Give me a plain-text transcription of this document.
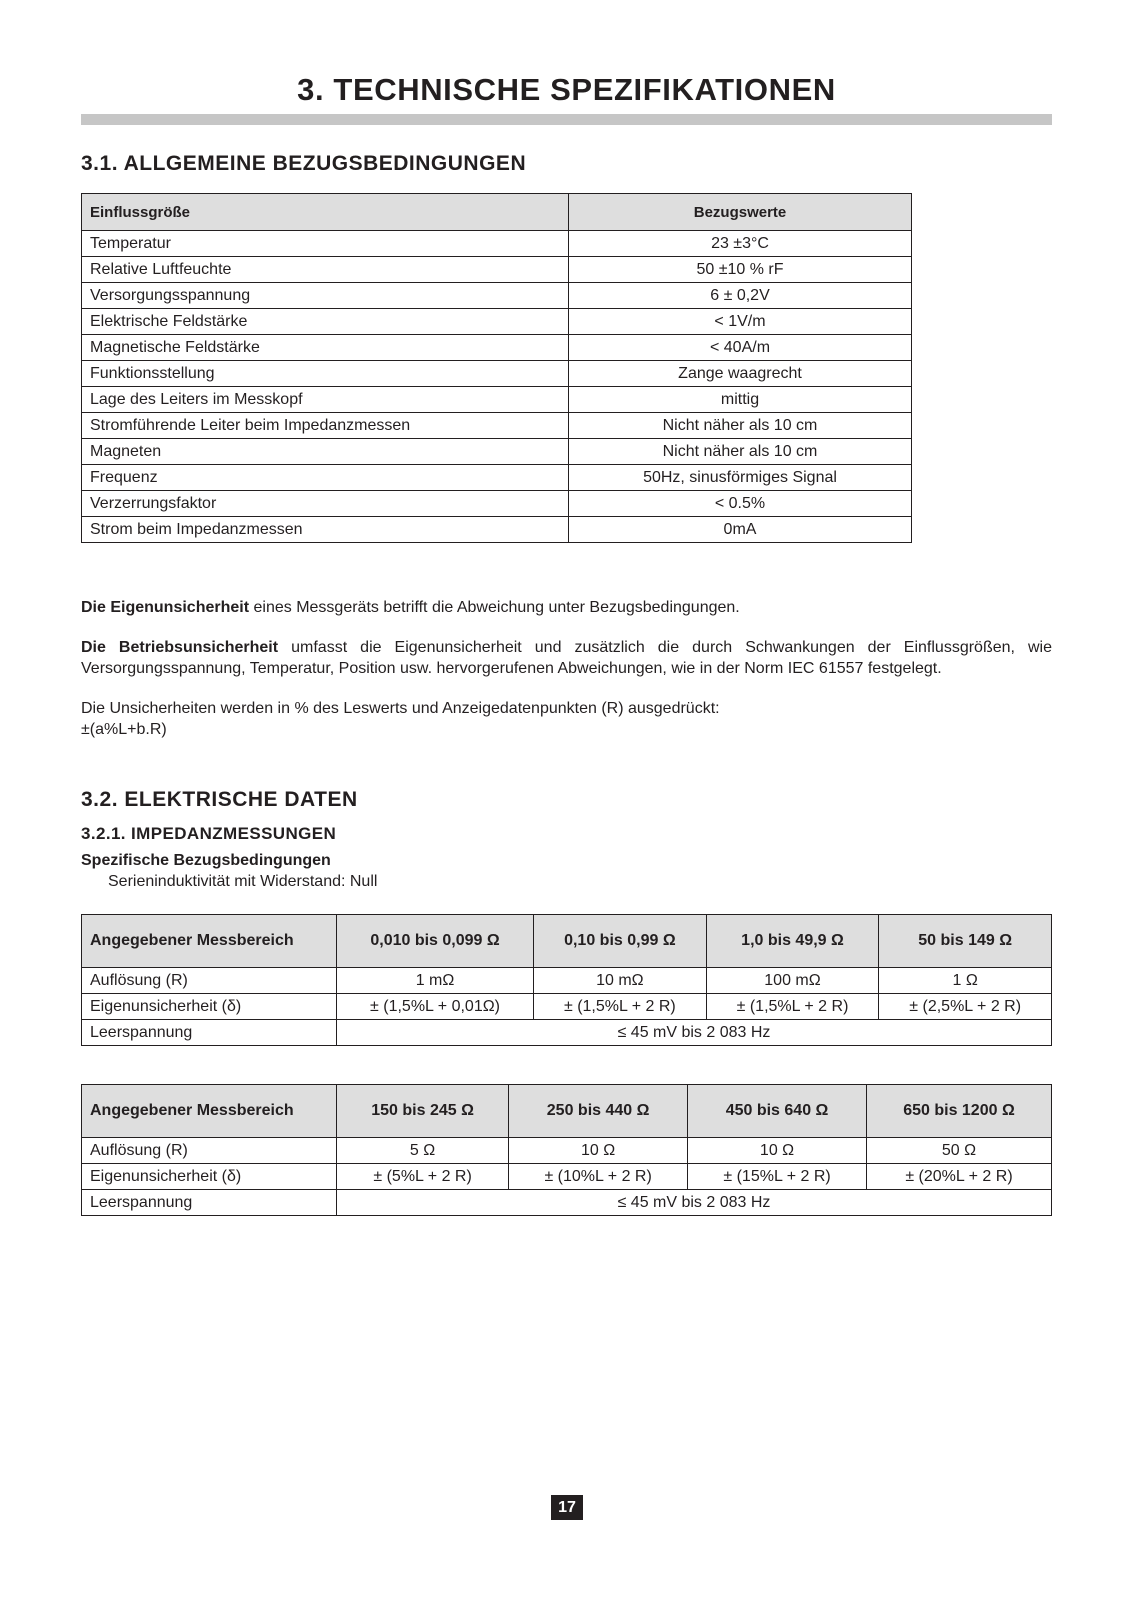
3. TECHNISCHE SPEZIFIKATIONEN
3.1. ALLGEMEINE BEZUGSBEDINGUNGEN
Einflussgröße	Bezugswerte
Temperatur	23 ±3°C
Relative Luftfeuchte	50 ±10 % rF
Versorgungsspannung	6 ± 0,2V
Elektrische Feldstärke	< 1V/m
Magnetische Feldstärke	< 40A/m
Funktionsstellung	Zange waagrecht
Lage des Leiters im Messkopf	mittig
Stromführende Leiter beim Impedanzmessen	Nicht näher als 10 cm
Magneten	Nicht näher als 10 cm
Frequenz	50Hz, sinusförmiges Signal
Verzerrungsfaktor	< 0.5%
Strom beim Impedanzmessen	0mA

Die Eigenunsicherheit eines Messgeräts betrifft die Abweichung unter Bezugsbedingungen.

Die Betriebsunsicherheit umfasst die Eigenunsicherheit und zusätzlich die durch Schwankungen der Einflussgrößen, wie Versorgungsspannung, Temperatur, Position usw. hervorgerufenen Abweichungen, wie in der Norm IEC 61557 festgelegt.

Die Unsicherheiten werden in % des Leswerts und Anzeigedatenpunkten (R) ausgedrückt:
±(a%L+b.R)

3.2. ELEKTRISCHE DATEN
3.2.1. IMPEDANZMESSUNGEN
Spezifische Bezugsbedingungen
Serieninduktivität mit Widerstand: Null
Angegebener Messbereich	0,010 bis 0,099 Ω	0,10 bis 0,99 Ω	1,0 bis 49,9 Ω	50 bis 149 Ω
Auflösung (R)	1 mΩ	10 mΩ	100 mΩ	1 Ω
Eigenunsicherheit (δ)	± (1,5%L + 0,01Ω)	± (1,5%L + 2 R)	± (1,5%L + 2 R)	± (2,5%L + 2 R)
Leerspannung	≤ 45 mV bis 2 083 Hz			
Angegebener Messbereich	150 bis 245 Ω	250 bis 440 Ω	450 bis 640 Ω	650 bis 1200 Ω
Auflösung (R)	5 Ω	10 Ω	10 Ω	50 Ω
Eigenunsicherheit (δ)	± (5%L + 2 R)	± (10%L + 2 R)	± (15%L + 2 R)	± (20%L + 2 R)
Leerspannung	≤ 45 mV bis 2 083 Hz			
17
